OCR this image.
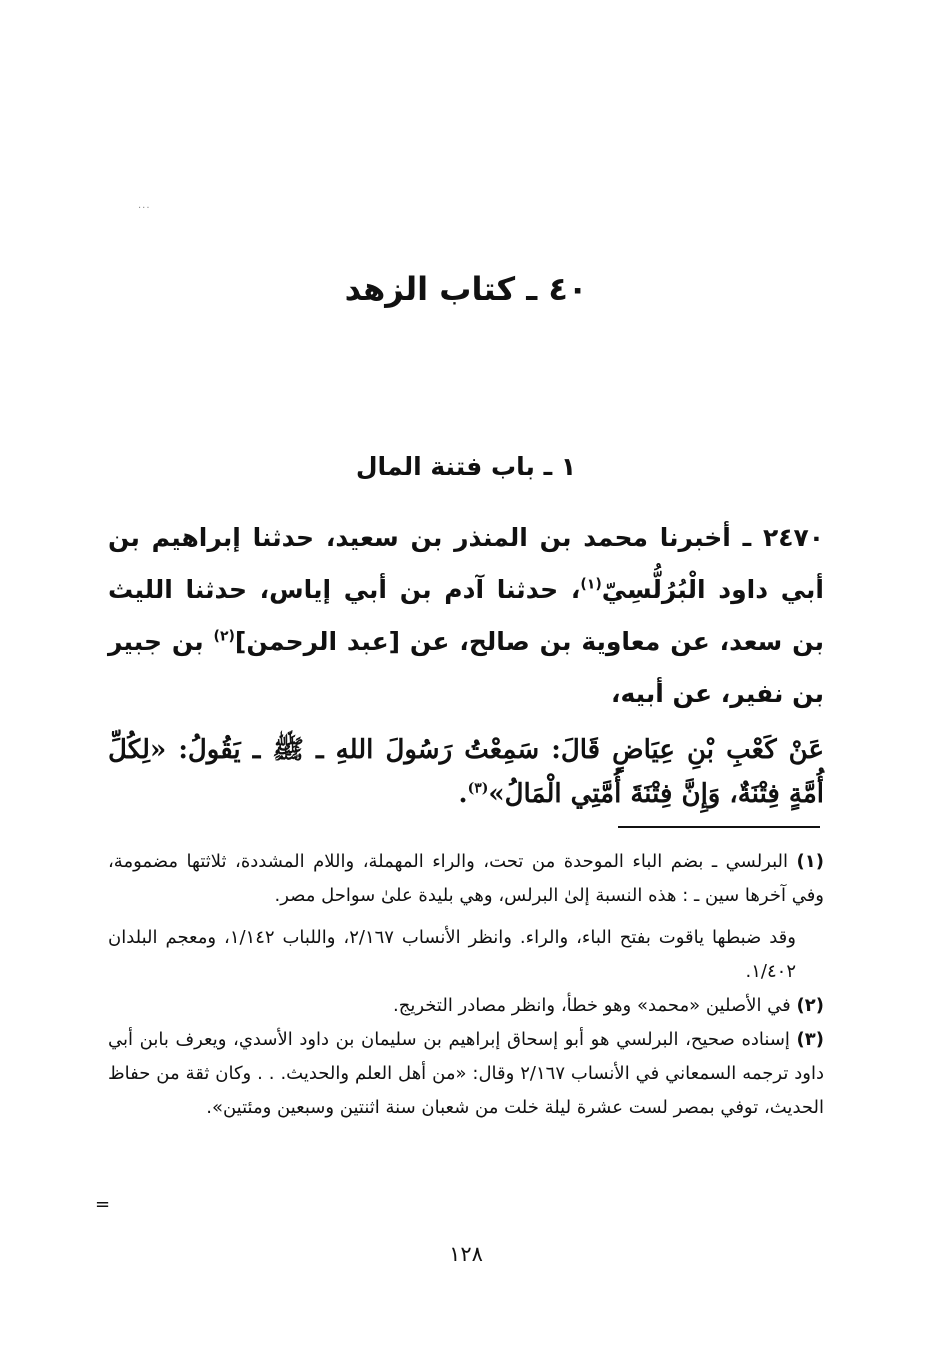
...
٤٠ ـ كتاب الزهد
١ ـ باب فتنة المال
٢٤٧٠ ـ أخبرنا محمد بن المنذر بن سعيد، حدثنا إبراهيم بن أبي داود الْبُرُلُّسِيّ$^{(١)}$، حدثنا آدم بن أبي إياس، حدثنا الليث بن سعد، عن معاوية بن صالح، عن [عبد الرحمن]$^{(٢)}$ بن جبير بن نفير، عن أبيه،
عَنْ كَعْبِ بْنِ عِيَاضٍ قَالَ: سَمِعْتُ رَسُولَ اللهِ ـ ﷺ ـ يَقُولُ: «لِكُلِّ أُمَّةٍ فِتْنَةٌ، وَإِنَّ فِتْنَةَ أُمَّتِي الْمَالُ»$^{(٣)}$.

(١) البرلسي ـ بضم الباء الموحدة من تحت، والراء المهملة، واللام المشددة، ثلاثتها مضمومة، وفي آخرها سين ـ : هذه النسبة إلىٰ البرلس، وهي بليدة علىٰ سواحل مصر.

وقد ضبطها ياقوت بفتح الباء، والراء. وانظر الأنساب ٢/١٦٧، واللباب ١/١٤٢، ومعجم البلدان ١/٤٠٢.

(٢) في الأصلين «محمد» وهو خطأ، وانظر مصادر التخريج.

(٣) إسناده صحيح، البرلسي هو أبو إسحاق إبراهيم بن سليمان بن داود الأسدي، ويعرف بابن أبي داود ترجمه السمعاني في الأنساب ٢/١٦٧ وقال: «من أهل العلم والحديث. . . وكان ثقة من حفاظ الحديث، توفي بمصر لست عشرة ليلة خلت من شعبان سنة اثنتين وسبعين ومئتين».

=
١٢٨
